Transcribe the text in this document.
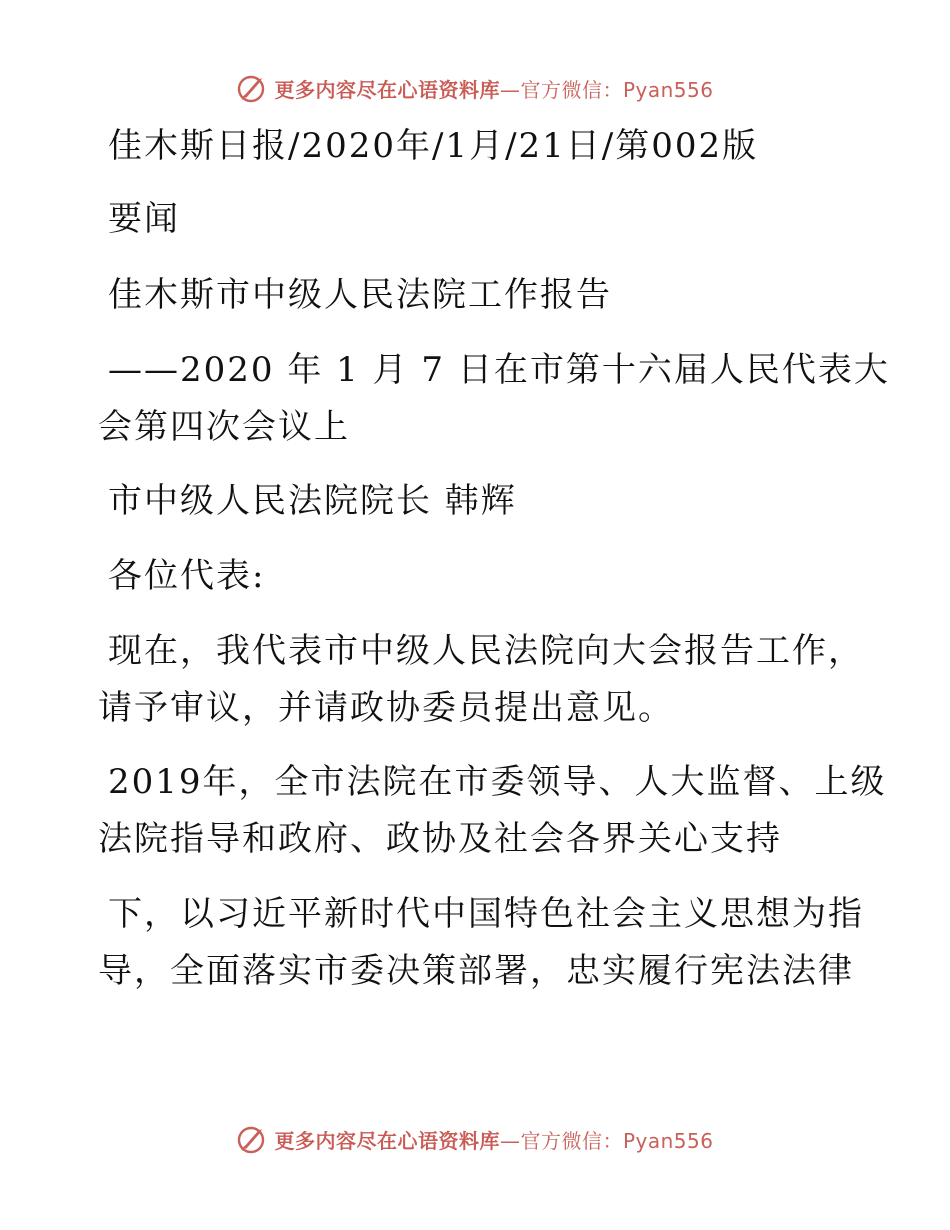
更多内容尽在心语资料库—官方微信：Pyan556
佳木斯日报/2020年/1月/21日/第002版
要闻
佳木斯市中级人民法院工作报告
——2020 年 1 月 7 日在市第十六届人民代表大
会第四次会议上
市中级人民法院院长 韩辉
各位代表:
现在，我代表市中级人民法院向大会报告工作，
请予审议，并请政协委员提出意见。
2019年，全市法院在市委领导、人大监督、上级
法院指导和政府、政协及社会各界关心支持
下，以习近平新时代中国特色社会主义思想为指
导，全面落实市委决策部署，忠实履行宪法法律
更多内容尽在心语资料库—官方微信：Pyan556
